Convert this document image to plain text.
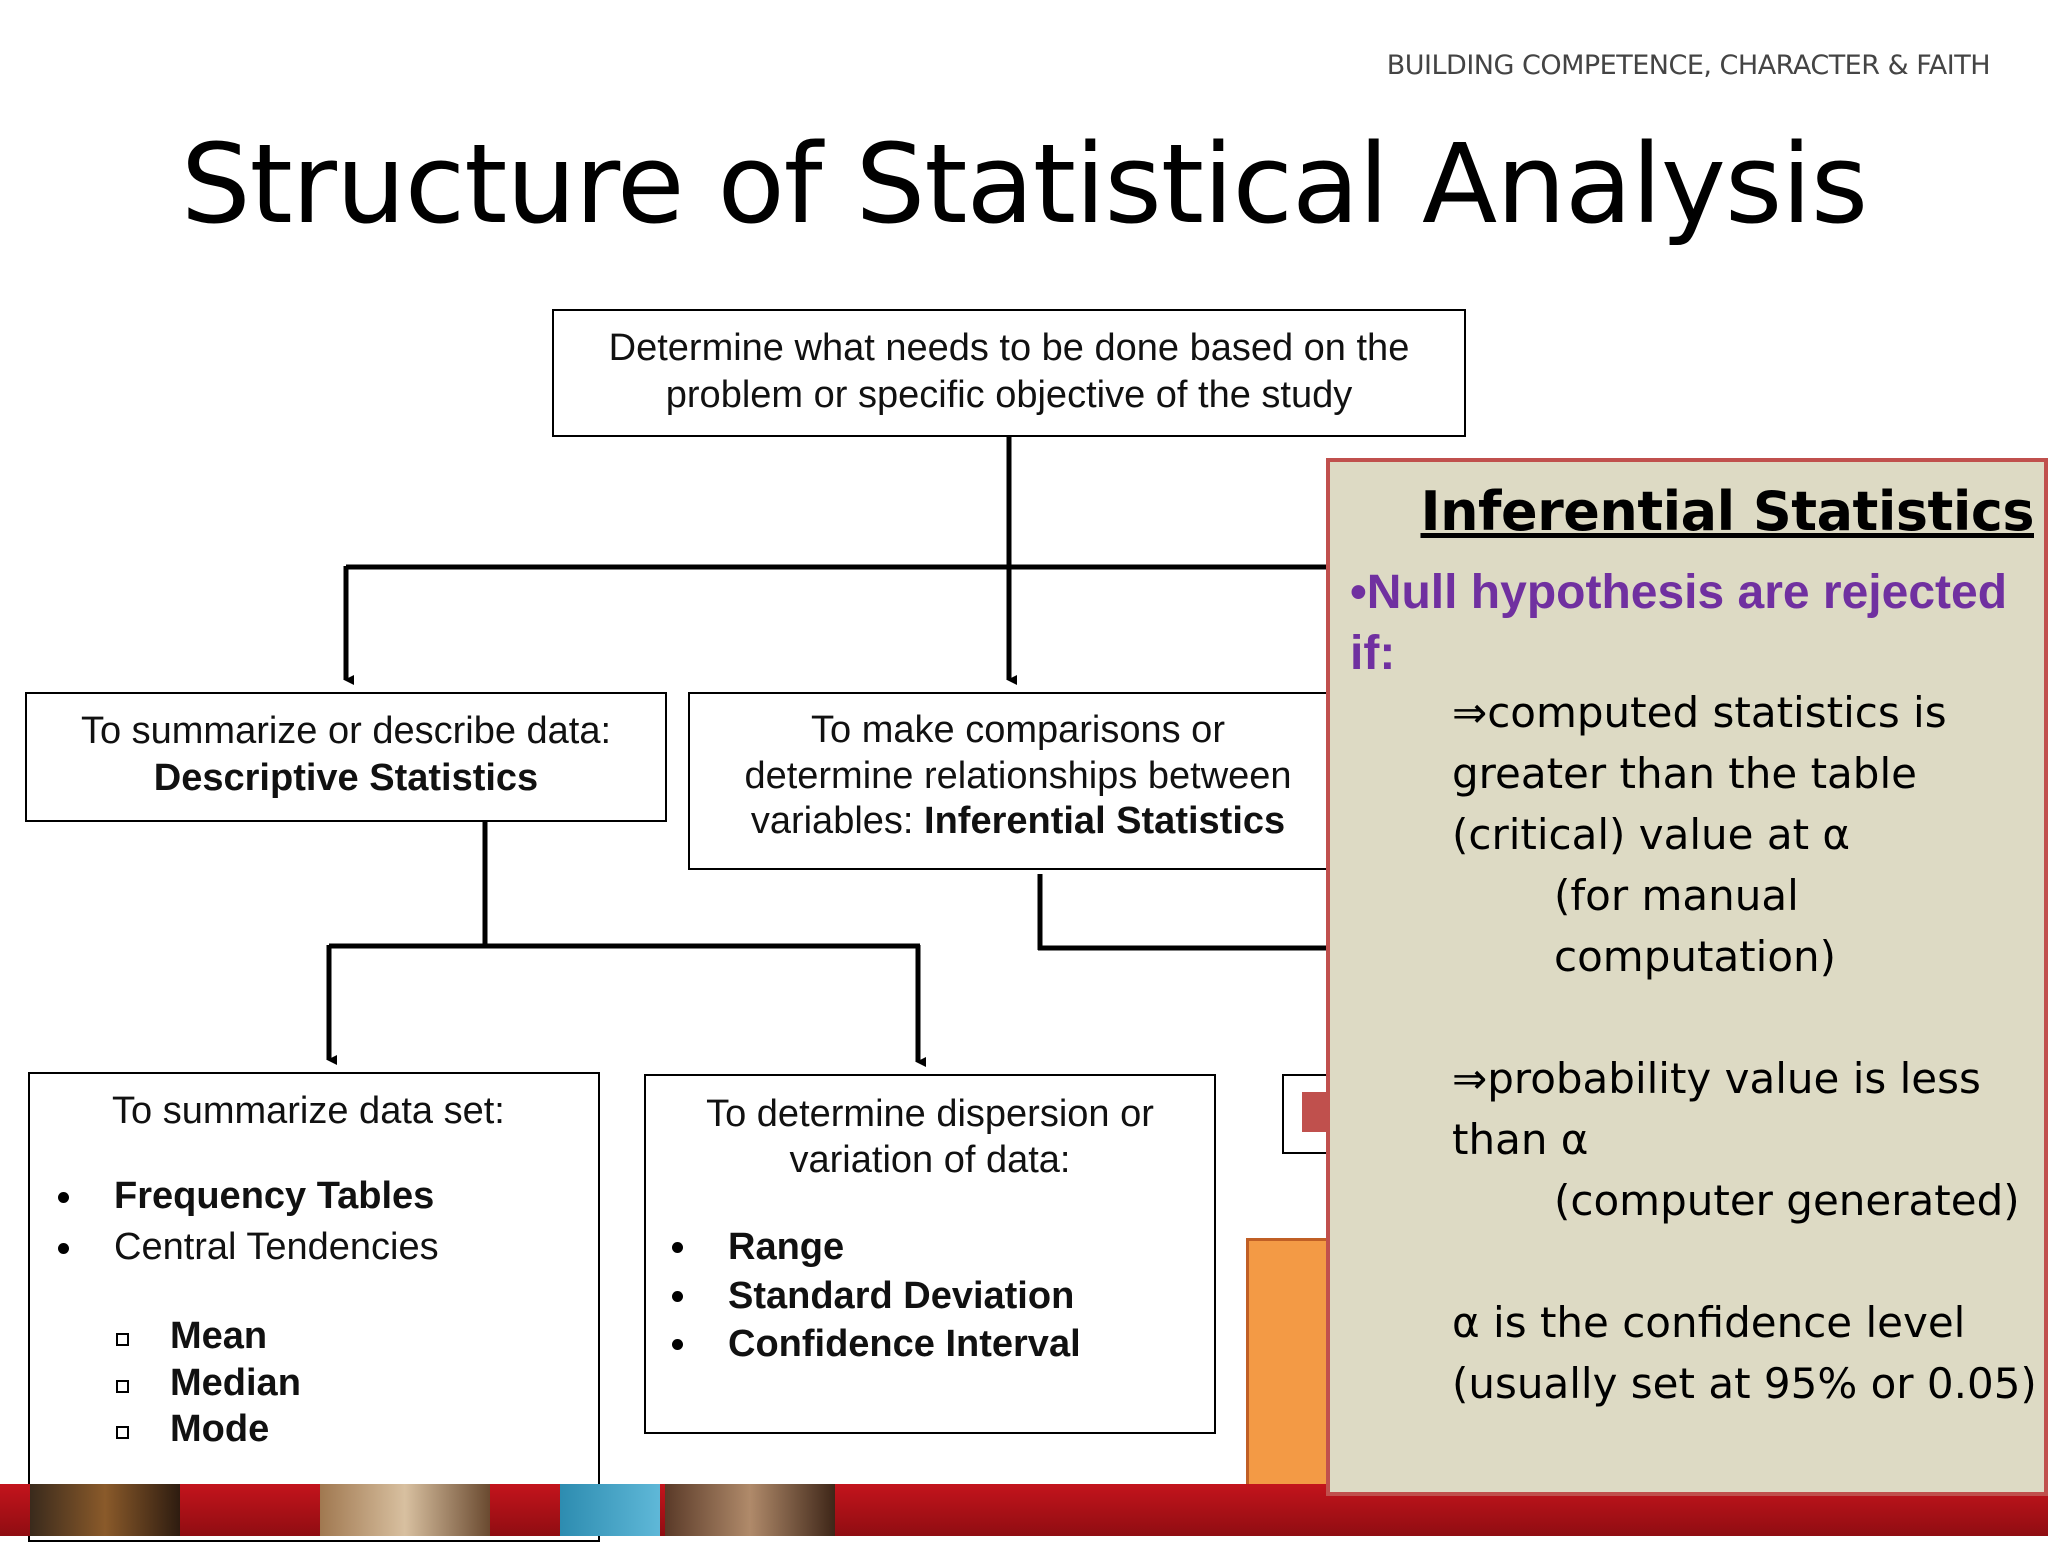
BUILDING COMPETENCE, CHARACTER & FAITH
Structure of Statistical Analysis
Determine what needs to be done based on the
problem or specific objective of the study
To summarize or describe data:
Descriptive Statistics
To make comparisons or
determine relationships between
variables: Inferential Statistics
To summarize data set:
Frequency Tables
Central Tendencies
Mean
Median
Mode
To determine dispersion or
variation of data:
Range
Standard Deviation
Confidence Interval
Inferential Statistics
•Null hypothesis are rejected if:
⇒computed statistics is
greater than the table
(critical) value at α
(for manual
computation)
⇒probability value is less
than α
(computer generated)
α is the confidence level
(usually set at 95% or 0.05)
